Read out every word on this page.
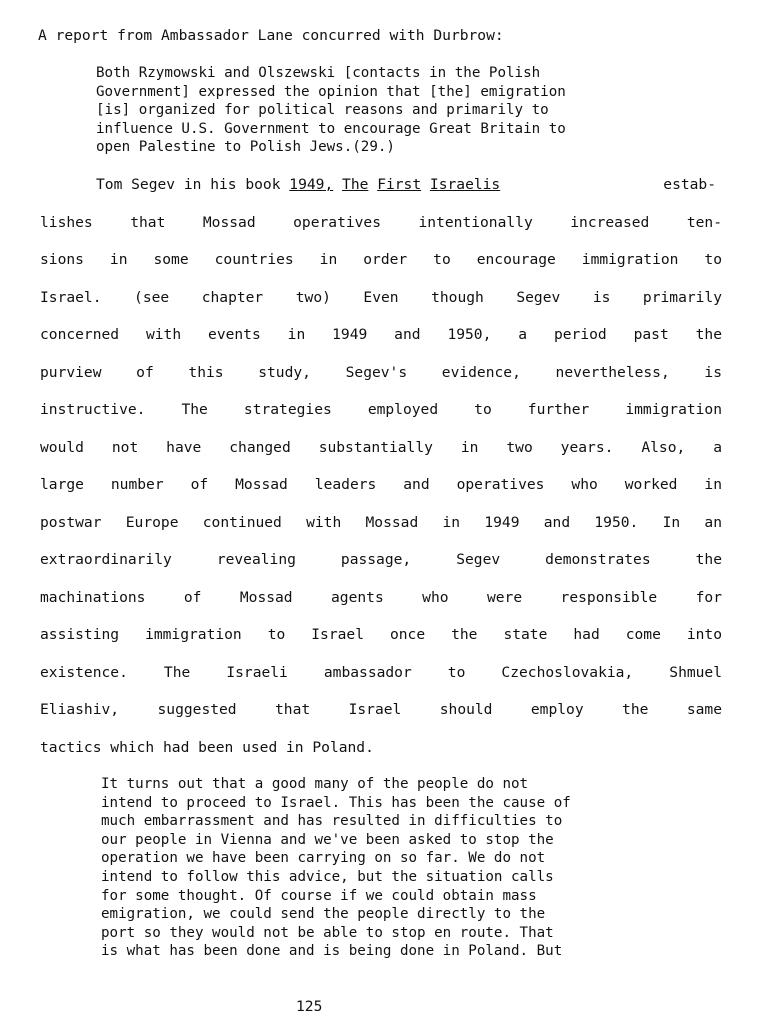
A report from Ambassador Lane concurred with Durbrow:
Both Rzymowski and Olszewski [contacts in the Polish
Government] expressed the opinion that [the] emigration
[is] organized for political reasons and primarily to
influence U.S. Government to encourage Great Britain to
open Palestine to Polish Jews.(29.)
Tom Segev in his book 1949, The First Israelis	estab-
lishes that Mossad operatives intentionally increased ten-
sions in some countries in order to encourage immigration to
Israel. (see chapter two) Even though Segev is primarily
concerned with events in 1949 and 1950, a period past the
purview of this study, Segev's evidence, nevertheless, is
instructive. The strategies employed to further immigration
would not have changed substantially in two years. Also, a
large number of Mossad leaders and operatives who worked in
postwar Europe continued with Mossad in 1949 and 1950. In an
extraordinarily revealing passage, Segev demonstrates the
machinations of Mossad agents who were responsible for
assisting immigration to Israel once the state had come into
existence. The Israeli ambassador to Czechoslovakia, Shmuel
Eliashiv, suggested that Israel should employ the same
tactics which had been used in Poland.
It turns out that a good many of the people do not
intend to proceed to Israel. This has been the cause of
much embarrassment and has resulted in difficulties to
our people in Vienna and we've been asked to stop the
operation we have been carrying on so far. We do not
intend to follow this advice, but the situation calls
for some thought. Of course if we could obtain mass
emigration, we could send the people directly to the
port so they would not be able to stop en route. That
is what has been done and is being done in Poland. But
125
